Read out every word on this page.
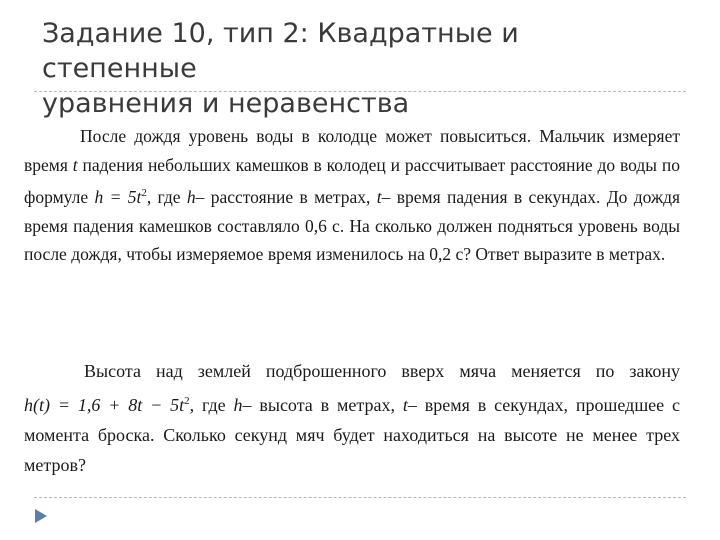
Задание 10, тип 2: Квадратные и степенные
уравнения и неравенства
После дождя уровень воды в колодце может повыситься. Мальчик измеряет время t падения небольших камешков в колодец и рассчитывает расстояние до воды по формуле $h = 5t^2$, где h– расстояние в метрах, t– время падения в секундах. До дождя время падения камешков составляло 0,6 с. На сколько должен подняться уровень воды после дождя, чтобы измеряемое время изменилось на 0,2 с? Ответ выразите в метрах.
Высота над землей подброшенного вверх мяча меняется по закону $h(t) = 1,6 + 8t - 5t^2$, где h– высота в метрах, t– время в секундах, прошедшее с момента броска. Сколько секунд мяч будет находиться на высоте не менее трех метров?
